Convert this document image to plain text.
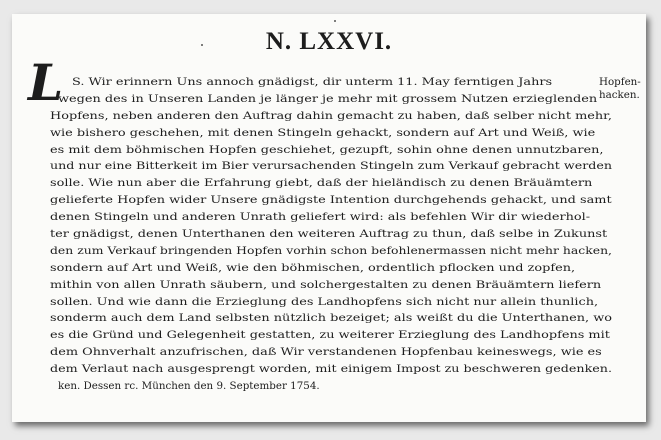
N. LXXVI.
L	Hopfen-
hacken.
S. Wir erinnern Uns annoch gnädigst, dir unterm 11. May ferntigen Jahrs
wegen des in Unseren Landen je länger je mehr mit grossem Nutzen erzieglenden
Hopfens, neben anderen den Auftrag dahin gemacht zu haben, daß selber nicht mehr,
wie bishero geschehen, mit denen Stingeln gehackt, sondern auf Art und Weiß, wie
es mit dem böhmischen Hopfen geschiehet, gezupft, sohin ohne denen unnutzbaren,
und nur eine Bitterkeit im Bier verursachenden Stingeln zum Verkauf gebracht werden
solle. Wie nun aber die Erfahrung giebt, daß der hieländisch zu denen Bräuämtern
gelieferte Hopfen wider Unsere gnädigste Intention durchgehends gehackt, und samt
denen Stingeln und anderen Unrath geliefert wird: als befehlen Wir dir wiederhol-
ter gnädigst, denen Unterthanen den weiteren Auftrag zu thun, daß selbe in Zukunst
den zum Verkauf bringenden Hopfen vorhin schon befohlenermassen nicht mehr hacken,
sondern auf Art und Weiß, wie den böhmischen, ordentlich pflocken und zopfen,
mithin von allen Unrath säubern, und solchergestalten zu denen Bräuämtern liefern
sollen. Und wie dann die Erzieglung des Landhopfens sich nicht nur allein thunlich,
sonderm auch dem Land selbsten nützlich bezeiget; als weißt du die Unterthanen, wo
es die Gründ und Gelegenheit gestatten, zu weiterer Erzieglung des Landhopfens mit
dem Ohnverhalt anzufrischen, daß Wir verstandenen Hopfenbau keineswegs, wie es
dem Verlaut nach ausgesprengt worden, mit einigem Impost zu beschweren gedenken.
ken. Dessen rc. München den 9. September 1754.
